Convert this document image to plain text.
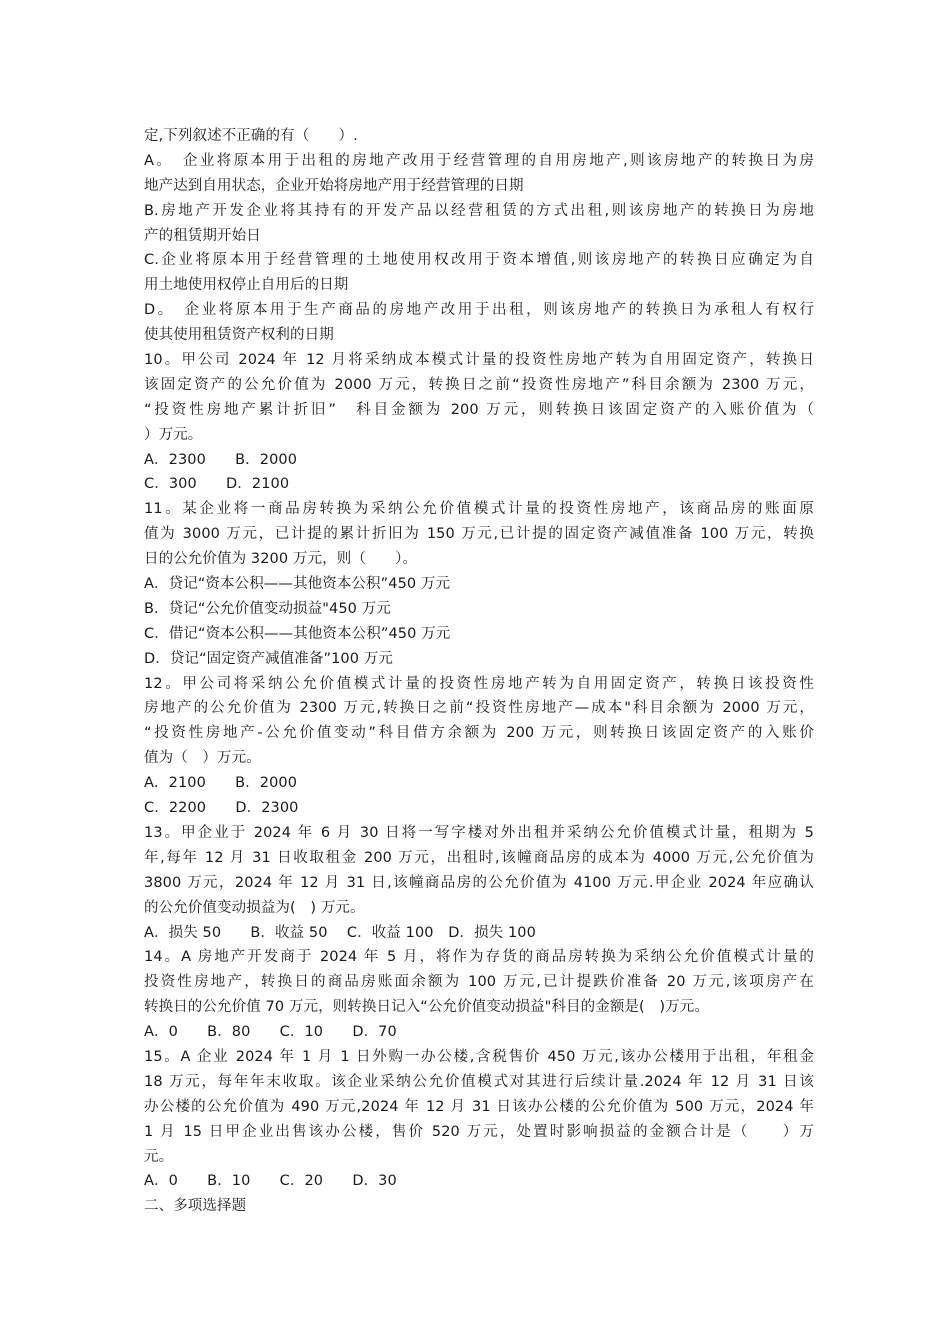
定,下列叙述不正确的有（　　）.
A。　企业将原本用于出租的房地产改用于经营管理的自用房地产,则该房地产的转换日为房
地产达到自用状态，企业开始将房地产用于经营管理的日期
B.房地产开发企业将其持有的开发产品以经营租赁的方式出租,则该房地产的转换日为房地
产的租赁期开始日
C.企业将原本用于经营管理的土地使用权改用于资本增值,则该房地产的转换日应确定为自
用土地使用权停止自用后的日期
D。　企业将原本用于生产商品的房地产改用于出租，则该房地产的转换日为承租人有权行
使其使用租赁资产权利的日期
10。甲公司 2024 年 12 月将采纳成本模式计量的投资性房地产转为自用固定资产，转换日
该固定资产的公允价值为 2000 万元，转换日之前“投资性房地产”科目余额为 2300 万元，
“投资性房地产累计折旧”　科目金额为 200 万元，则转换日该固定资产的入账价值为（
）万元。
A．2300　　B．2000
C．300　　D．2100
11。某企业将一商品房转换为采纳公允价值模式计量的投资性房地产，该商品房的账面原
值为 3000 万元，已计提的累计折旧为 150 万元,已计提的固定资产减值准备 100 万元，转换
日的公允价值为 3200 万元，则（　　）。
A．贷记“资本公积——其他资本公积”450 万元
B．贷记“公允价值变动损益"450 万元
C．借记“资本公积——其他资本公积”450 万元
D．贷记“固定资产减值准备”100 万元
12。甲公司将采纳公允价值模式计量的投资性房地产转为自用固定资产，转换日该投资性
房地产的公允价值为 2300 万元,转换日之前“投资性房地产—成本"科目余额为 2000 万元，
“投资性房地产-公允价值变动”科目借方余额为 200 万元，则转换日该固定资产的入账价
值为（　）万元。
A．2100　　B．2000
C．2200　　D．2300
13。甲企业于 2024 年 6 月 30 日将一写字楼对外出租并采纳公允价值模式计量，租期为 5
年,每年 12 月 31 日收取租金 200 万元，出租时,该幢商品房的成本为 4000 万元,公允价值为
3800 万元，2024 年 12 月 31 日,该幢商品房的公允价值为 4100 万元.甲企业 2024 年应确认
的公允价值变动损益为(　) 万元。
A．损失 50　　B．收益 50　 C．收益 100　D．损失 100
14。A 房地产开发商于 2024 年 5 月，将作为存货的商品房转换为采纳公允价值模式计量的
投资性房地产，转换日的商品房账面余额为 100 万元,已计提跌价准备 20 万元,该项房产在
转换日的公允价值 70 万元，则转换日记入“公允价值变动损益"科目的金额是(　)万元。
A．0　　B．80　　C．10　　D．70
15。A 企业 2024 年 1 月 1 日外购一办公楼,含税售价 450 万元,该办公楼用于出租，年租金
18 万元，每年年末收取。该企业采纳公允价值模式对其进行后续计量.2024 年 12 月 31 日该
办公楼的公允价值为 490 万元,2024 年 12 月 31 日该办公楼的公允价值为 500 万元，2024 年
1 月 15 日甲企业出售该办公楼，售价 520 万元，处置时影响损益的金额合计是（　　）万
元。
A．0　　B．10　　C．20　　D．30
二、多项选择题
